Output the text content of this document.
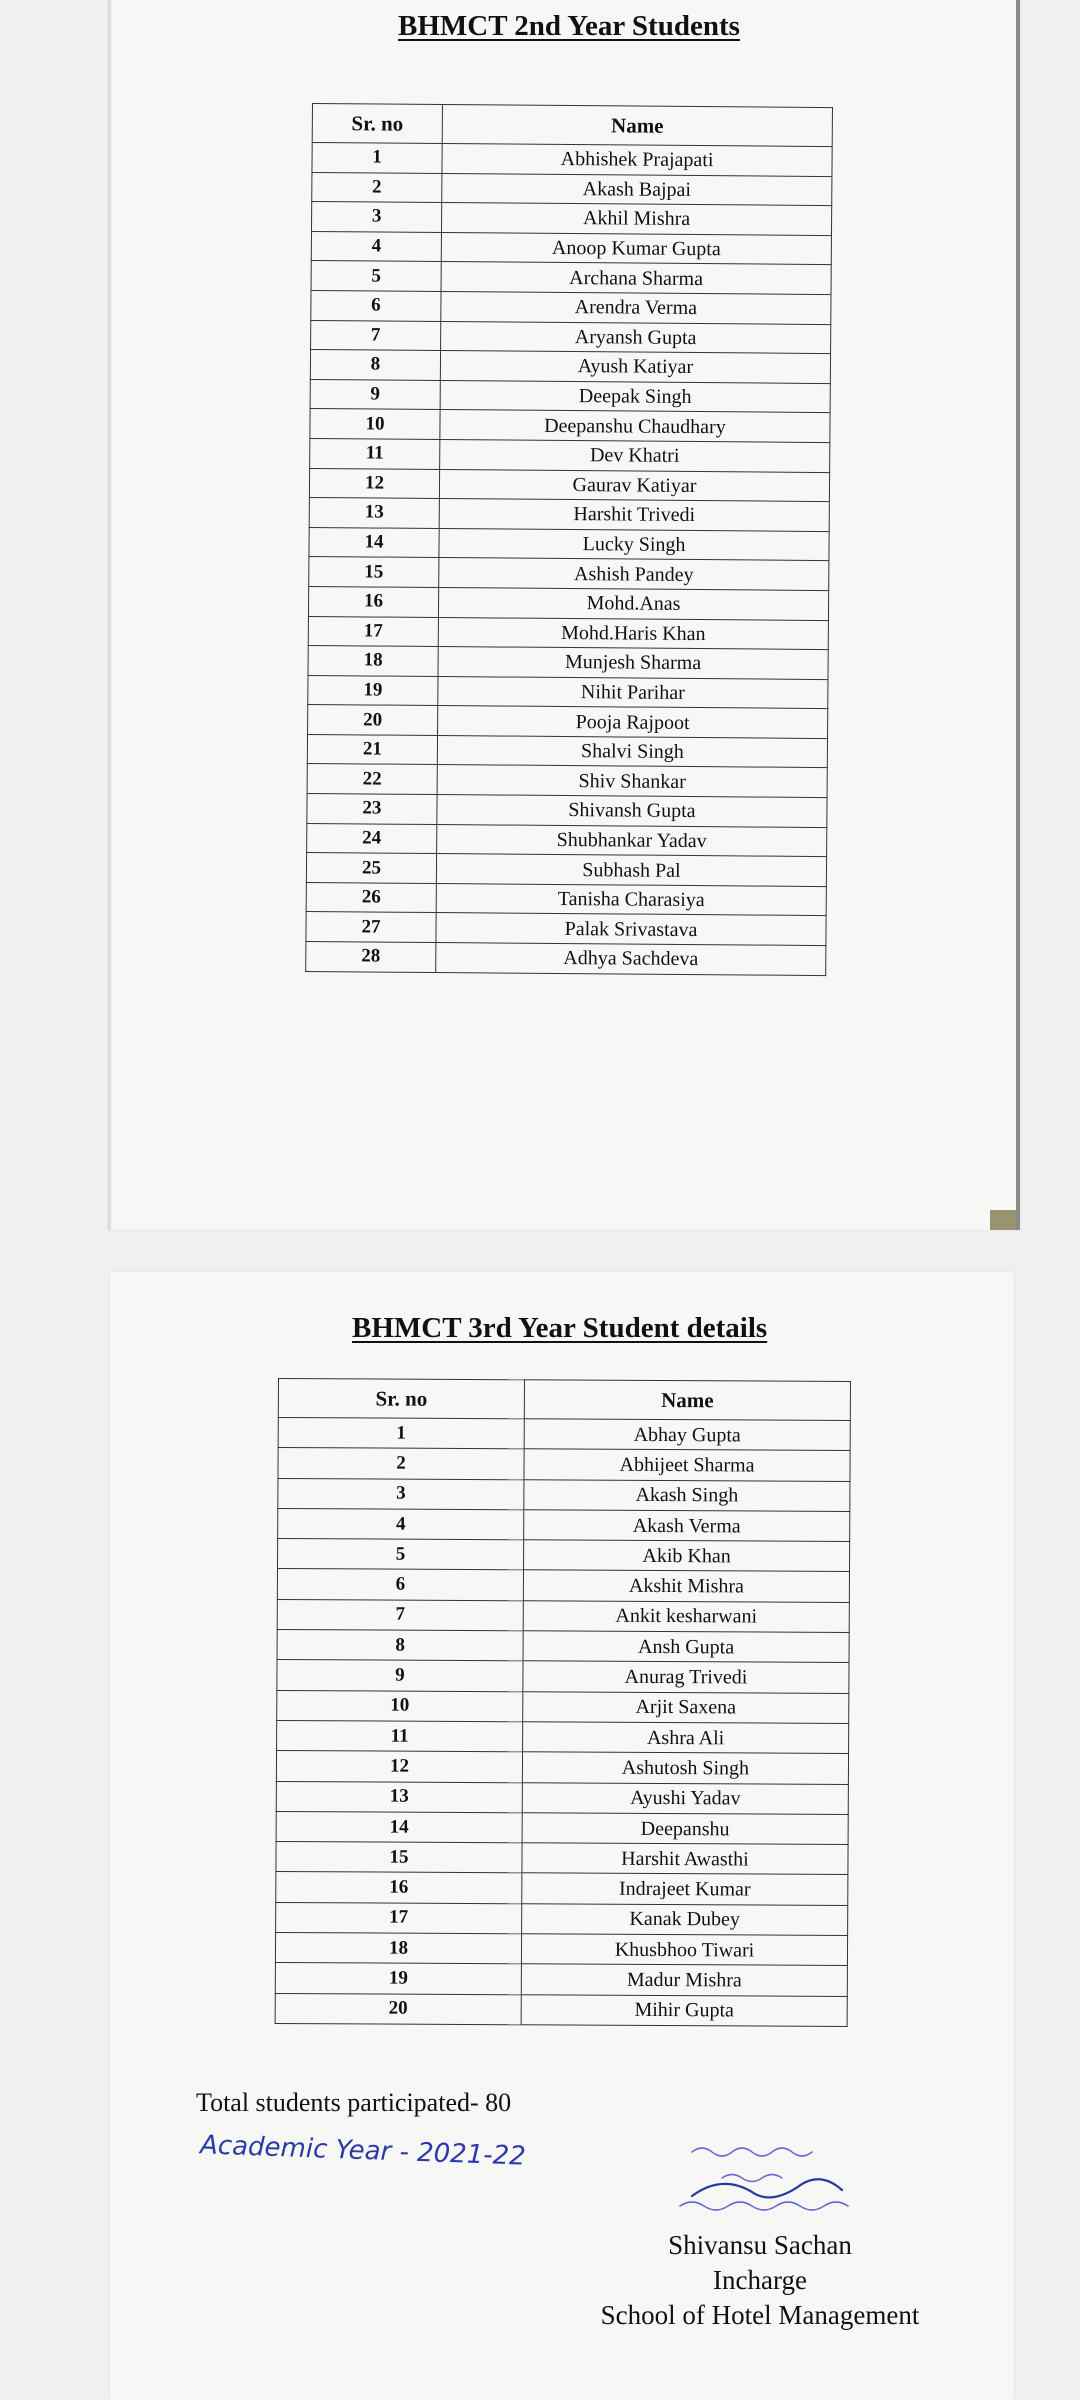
BHMCT 2nd Year Students
Sr. no	Name
1	Abhishek Prajapati
2	Akash Bajpai
3	Akhil Mishra
4	Anoop Kumar Gupta
5	Archana Sharma
6	Arendra Verma
7	Aryansh Gupta
8	Ayush Katiyar
9	Deepak Singh
10	Deepanshu Chaudhary
11	Dev Khatri
12	Gaurav Katiyar
13	Harshit Trivedi
14	Lucky Singh
15	Ashish Pandey
16	Mohd.Anas
17	Mohd.Haris Khan
18	Munjesh Sharma
19	Nihit Parihar
20	Pooja Rajpoot
21	Shalvi Singh
22	Shiv Shankar
23	Shivansh Gupta
24	Shubhankar Yadav
25	Subhash Pal
26	Tanisha Charasiya
27	Palak Srivastava
28	Adhya Sachdeva
BHMCT 3rd Year Student details
Sr. no	Name
1	Abhay Gupta
2	Abhijeet Sharma
3	Akash Singh
4	Akash Verma
5	Akib Khan
6	Akshit Mishra
7	Ankit kesharwani
8	Ansh Gupta
9	Anurag Trivedi
10	Arjit Saxena
11	Ashra Ali
12	Ashutosh Singh
13	Ayushi Yadav
14	Deepanshu
15	Harshit Awasthi
16	Indrajeet Kumar
17	Kanak Dubey
18	Khusbhoo Tiwari
19	Madur Mishra
20	Mihir Gupta
Total students participated- 80
Academic Year - 2021-22
Shivansu Sachan
Incharge
School of Hotel Management
